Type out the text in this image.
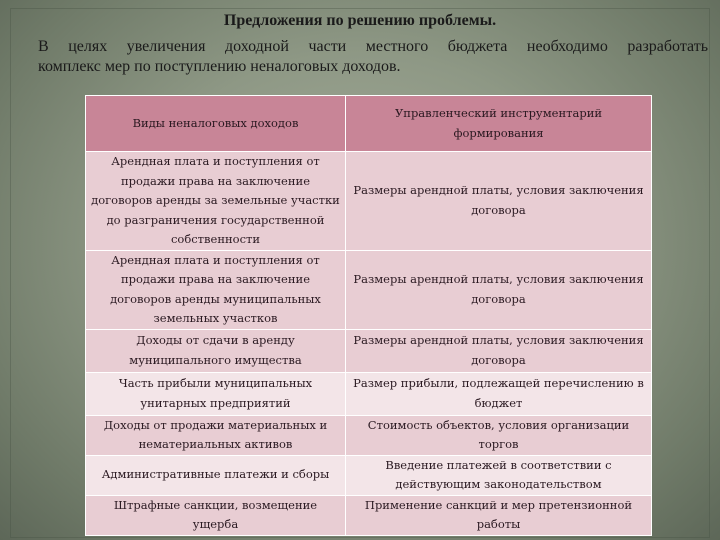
Предложения по решению проблемы.
В целях увеличения доходной части местного бюджета необходимо разработать
комплекс мер по поступлению неналоговых доходов.
Виды неналоговых доходов	Управленческий инструментарий формирования
Арендная плата и поступления от продажи права на заключение договоров аренды за земельные участки до разграничения государственной собственности	Размеры арендной платы, условия заключения договора
Арендная плата и поступления от продажи права на заключение договоров аренды муниципальных земельных участков	Размеры арендной платы, условия заключения договора
Доходы от сдачи в аренду муниципального имущества	Размеры арендной платы, условия заключения договора
Часть прибыли муниципальных унитарных предприятий	Размер прибыли, подлежащей перечислению в бюджет
Доходы от продажи материальных и нематериальных активов	Стоимость объектов, условия организации торгов
Административные платежи и сборы	Введение платежей в соответствии с действующим законодательством
Штрафные санкции, возмещение ущерба	Применение санкций и мер претензионной работы
